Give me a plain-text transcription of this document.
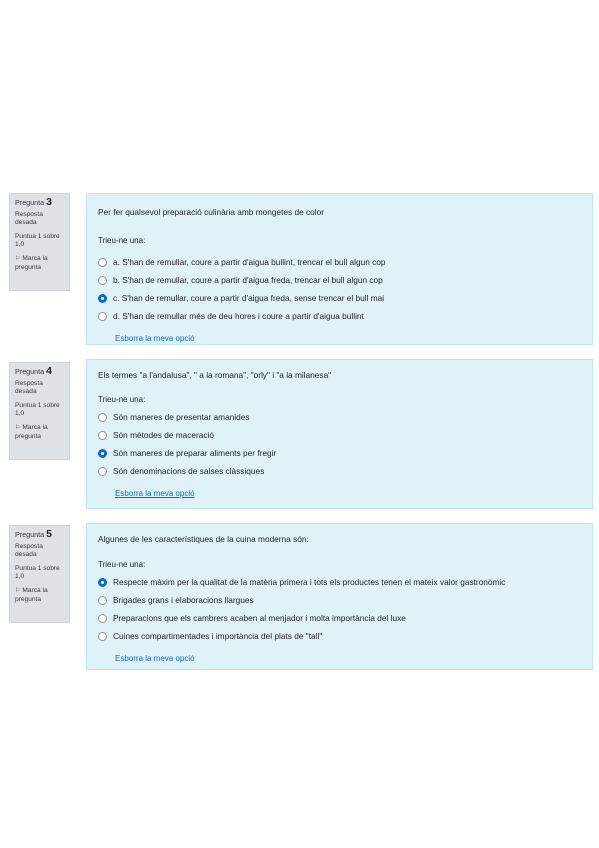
Pregunta 3
Resposta desada
Puntua 1 sobre 1,0
⚐ Marca la pregunta
Per fer qualsevol preparació culinària amb mongetes de color
Trieu-ne una:
a. S'han de remullar, coure a partir d'aigua bullint, trencar el bull algun cop
b. S'han de remullar, coure a partir d'aigua freda, trencar el bull algun cop
c. S'han de remullar, coure a partir d'aigua freda, sense trencar el bull mai
d. S'han de remullar més de deu hores i coure a partir d'aigua bullint
Esborra la meva opció
Pregunta 4
Resposta desada
Puntua 1 sobre 1,0
⚐ Marca la pregunta
Els termes "a l'andalusa", " a la romana", "orly" i "a la milanesa"
Trieu-ne una:
Són maneres de presentar amanides
Són mètodes de maceració
Són maneres de preparar aliments per fregir
Són denominacions de salses clàssiques
Esborra la meva opció
Pregunta 5
Resposta desada
Puntua 1 sobre 1,0
⚐ Marca la pregunta
Algunes de les característiques de la cuina moderna són:
Trieu-ne una:
Respecte màxim per la qualitat de la matèria primera i tots els productes tenen el mateix valor gastronòmic
Brigades grans i elaboracions llargues
Preparacions que els cambrers acaben al menjador i molta importància del luxe
Cuines compartimentades i importància del plats de "tall"
Esborra la meva opció
